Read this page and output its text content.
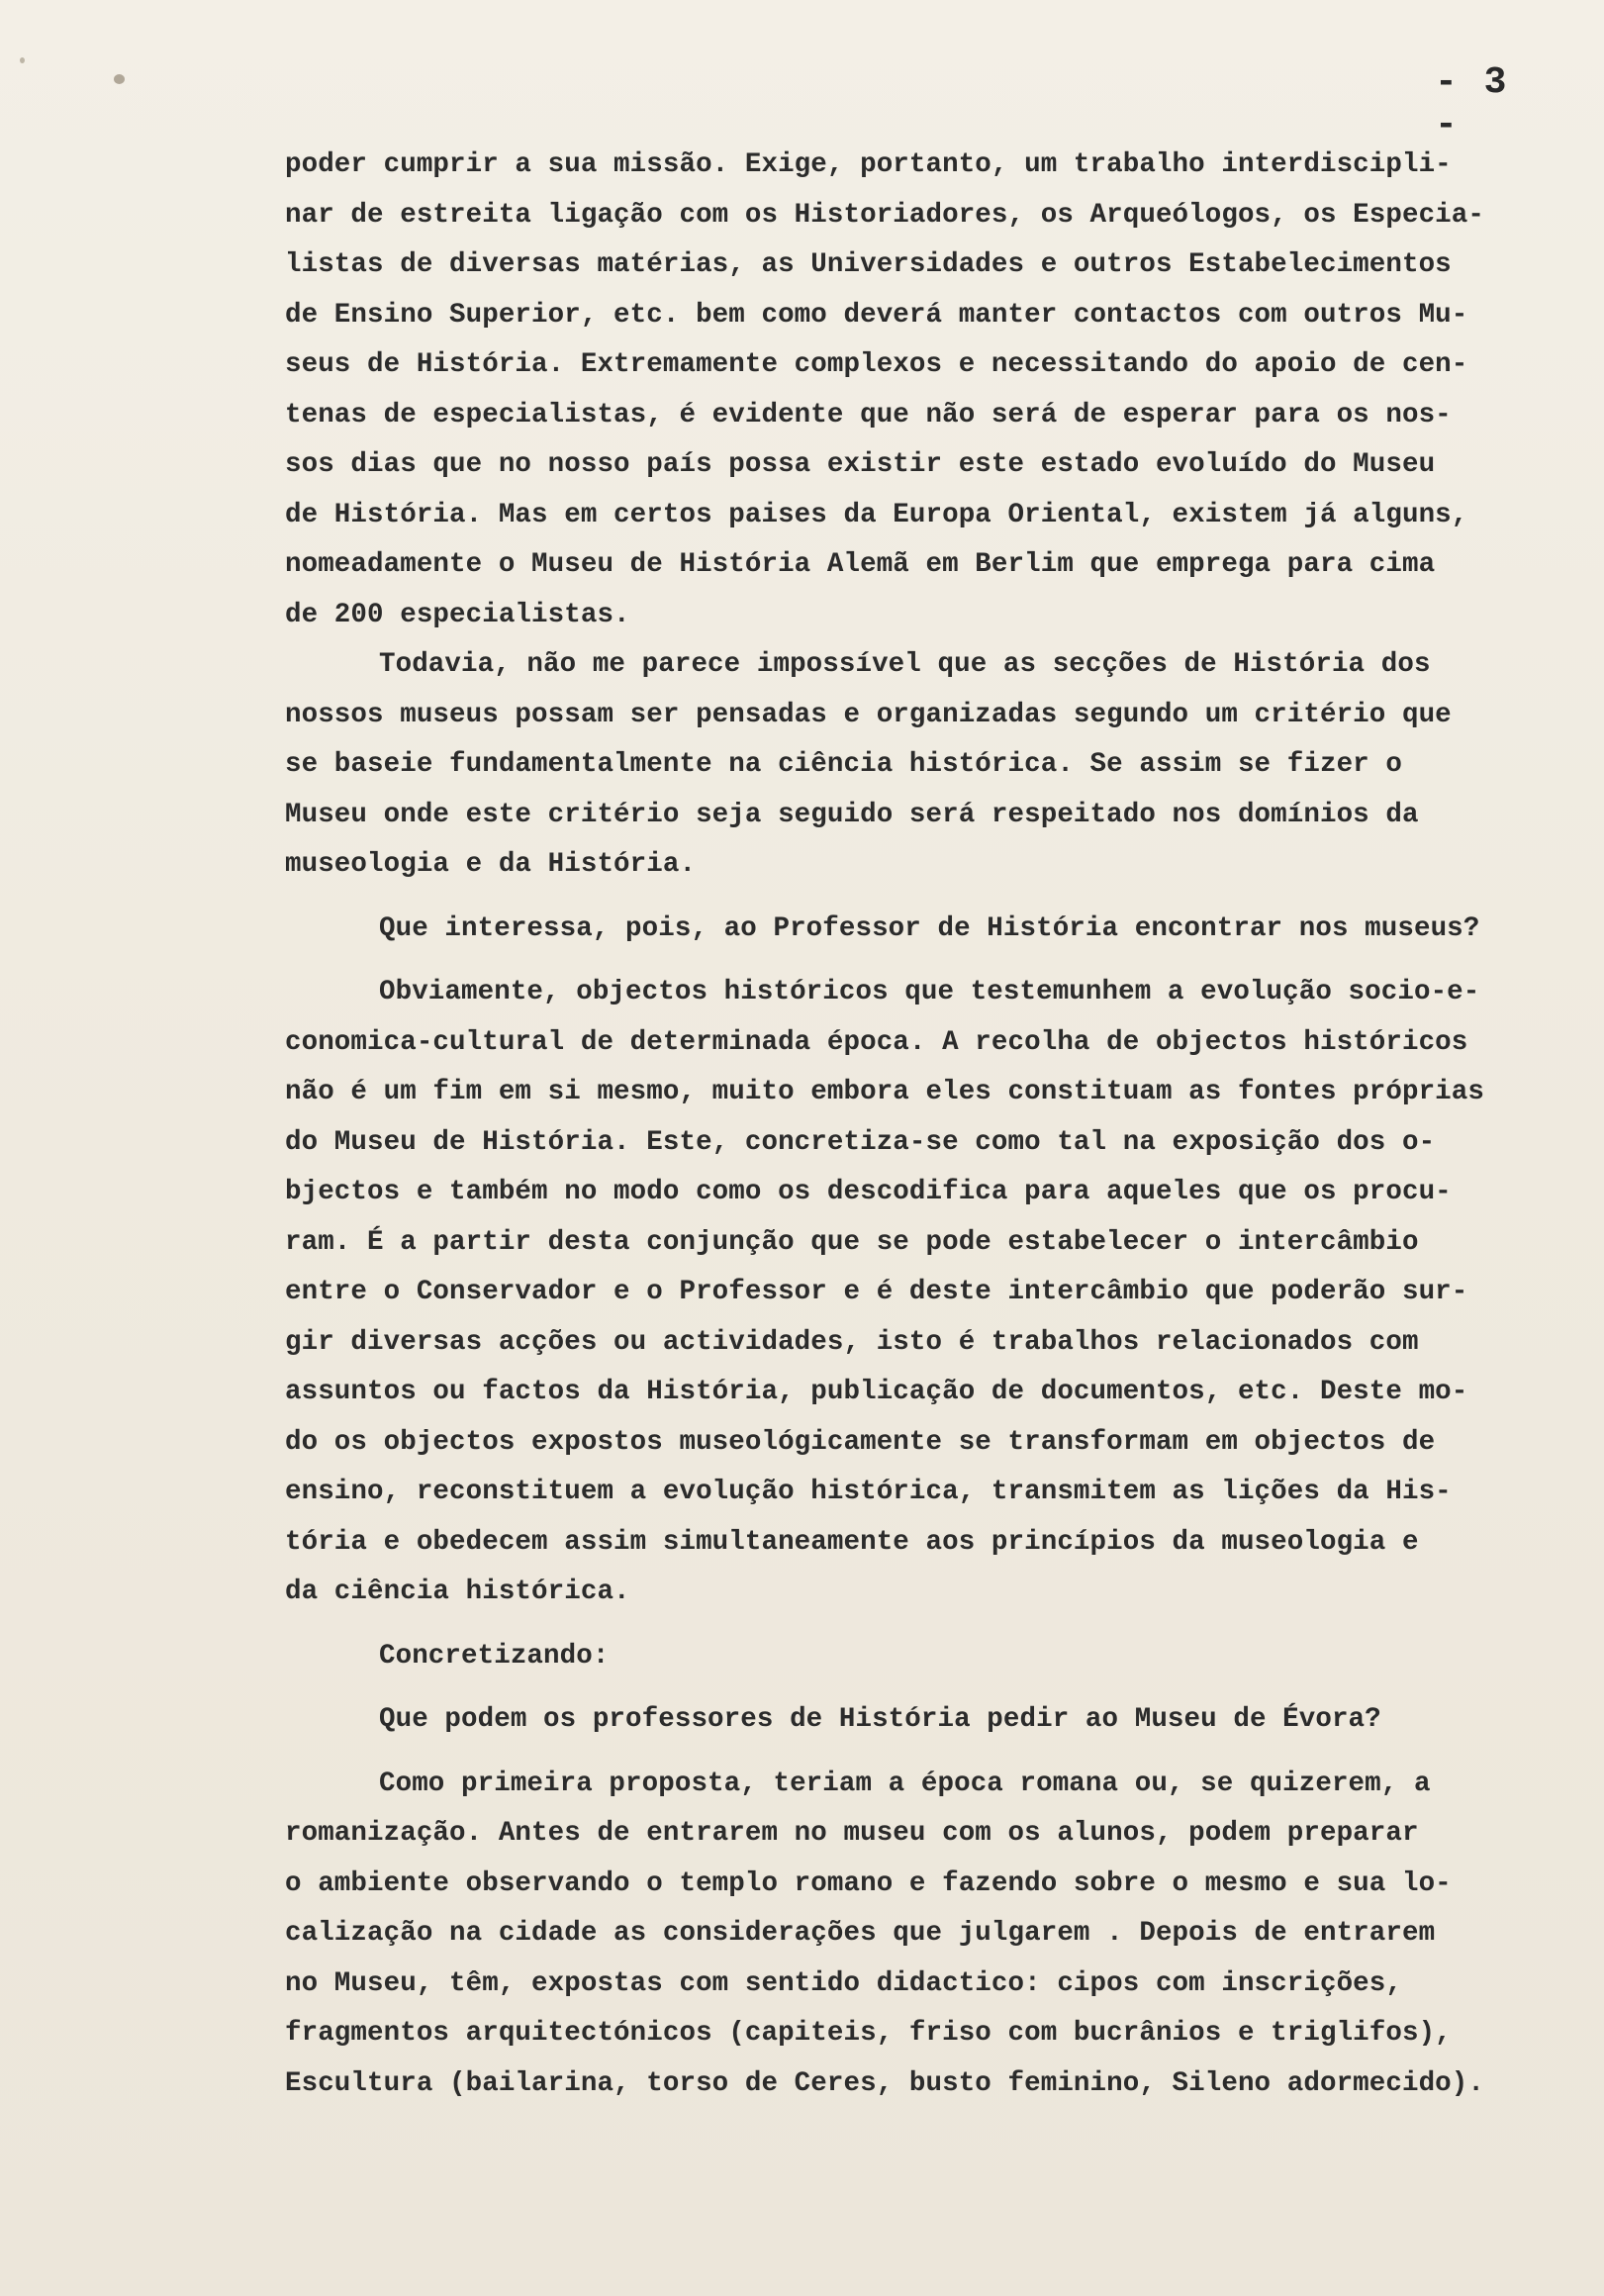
- 3 -
poder cumprir a sua missão. Exige, portanto, um trabalho interdiscipli-
nar de estreita ligação com os Historiadores, os Arqueólogos, os Especia-
listas de diversas matérias, as Universidades e outros Estabelecimentos
de Ensino Superior, etc. bem como deverá manter contactos com outros Mu-
seus de História. Extremamente complexos e necessitando do apoio de cen-
tenas de especialistas, é evidente que não será de esperar para os nos-
sos dias que no nosso país possa existir este estado evoluído do Museu
de História. Mas em certos paises da Europa Oriental, existem já alguns,
nomeadamente o Museu de História Alemã em Berlim que emprega para cima
de 200 especialistas.
Todavia, não me parece impossível que as secções de História dos
nossos museus possam ser pensadas e organizadas segundo um critério que
se baseie fundamentalmente na ciência histórica. Se assim se fizer o
Museu onde este critério seja seguido será respeitado nos domínios da
museologia e da História.
Que interessa, pois, ao Professor de História encontrar nos museus?
Obviamente, objectos históricos que testemunhem a evolução socio-e-
conomica-cultural de determinada época. A recolha de objectos históricos
não é um fim em si mesmo, muito embora eles constituam as fontes próprias
do Museu de História. Este, concretiza-se como tal na exposição dos o-
bjectos e também no modo como os descodifica para aqueles que os procu-
ram. É a partir desta conjunção que se pode estabelecer o intercâmbio
entre o Conservador e o Professor e é deste intercâmbio que poderão sur-
gir diversas acções ou actividades, isto é trabalhos relacionados com
assuntos ou factos da História, publicação de documentos, etc. Deste mo-
do os objectos expostos museológicamente se transformam em objectos de
ensino, reconstituem a evolução histórica, transmitem as lições da His-
tória e obedecem assim simultaneamente aos princípios da museologia e
da ciência histórica.
Concretizando:
Que podem os professores de História pedir ao Museu de Évora?
Como primeira proposta, teriam a época romana ou, se quizerem, a
romanização. Antes de entrarem no museu com os alunos, podem preparar
o ambiente observando o templo romano e fazendo sobre o mesmo e sua lo-
calização na cidade as considerações que julgarem . Depois de entrarem
no Museu, têm, expostas com sentido didactico: cipos com inscrições,
fragmentos arquitectónicos (capiteis, friso com bucrânios e triglifos),
Escultura (bailarina, torso de Ceres, busto feminino, Sileno adormecido).
